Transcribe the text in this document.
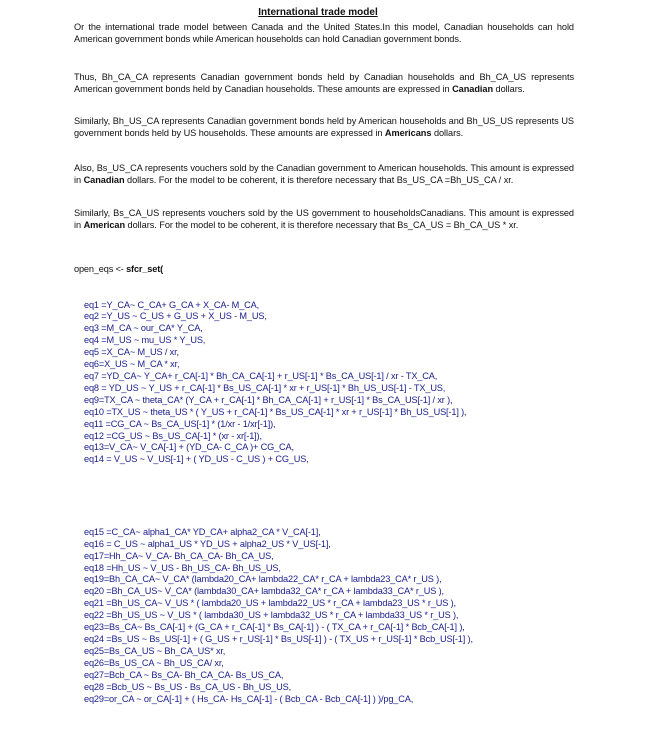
International trade model

Or the international trade model between Canada and the United States.In this model, Canadian households can hold American government bonds while American households can hold Canadian government bonds.

Thus, Bh_CA_CA represents Canadian government bonds held by Canadian households and Bh_CA_US represents American government bonds held by Canadian households. These amounts are expressed in Canadian dollars.

Similarly, Bh_US_CA represents Canadian government bonds held by American households and Bh_US_US represents US government bonds held by US households. These amounts are expressed in Americans dollars.

Also, Bs_US_CA represents vouchers sold by the Canadian government to American households. This amount is expressed in Canadian dollars. For the model to be coherent, it is therefore necessary that Bs_US_CA =Bh_US_CA / xr.

Similarly, Bs_CA_US represents vouchers sold by the US government to householdsCanadians. This amount is expressed in American dollars. For the model to be coherent, it is therefore necessary that Bs_CA_US = Bh_CA_US * xr.

open_eqs <- sfcr_set(

eq1 =Y_CA~ C_CA+ G_CA + X_CA- M_CA,
eq2 =Y_US ~ C_US + G_US + X_US - M_US,
eq3 =M_CA ~ our_CA* Y_CA,
eq4 =M_US ~ mu_US * Y_US,
eq5 =X_CA~ M_US / xr,
eq6=X_US ~ M_CA * xr,
eq7 =YD_CA~ Y_CA+ r_CA[-1] * Bh_CA_CA[-1] + r_US[-1] * Bs_CA_US[-1] / xr - TX_CA,
eq8 = YD_US ~ Y_US + r_CA[-1] * Bs_US_CA[-1] * xr + r_US[-1] * Bh_US_US[-1] - TX_US,
eq9=TX_CA ~ theta_CA* (Y_CA + r_CA[-1] * Bh_CA_CA[-1] + r_US[-1] * Bs_CA_US[-1] / xr ),
eq10 =TX_US ~ theta_US * ( Y_US + r_CA[-1] * Bs_US_CA[-1] * xr + r_US[-1] * Bh_US_US[-1] ),
eq11 =CG_CA ~ Bs_CA_US[-1] * (1/xr - 1/xr[-1]),
eq12 =CG_US ~ Bs_US_CA[-1] * (xr - xr[-1]),
eq13=V_CA~ V_CA[-1] + (YD_CA- C_CA )+ CG_CA,
eq14 = V_US ~ V_US[-1] + ( YD_US - C_US ) + CG_US,

eq15 =C_CA~ alpha1_CA* YD_CA+ alpha2_CA * V_CA[-1],
eq16 = C_US ~ alpha1_US * YD_US + alpha2_US * V_US[-1],
eq17=Hh_CA~ V_CA- Bh_CA_CA- Bh_CA_US,
eq18 =Hh_US ~ V_US - Bh_US_CA- Bh_US_US,
eq19=Bh_CA_CA~ V_CA* (lambda20_CA+ lambda22_CA* r_CA + lambda23_CA* r_US ),
eq20 =Bh_CA_US~ V_CA* (lambda30_CA+ lambda32_CA* r_CA + lambda33_CA* r_US ),
eq21 =Bh_US_CA~ V_US * ( lambda20_US + lambda22_US * r_CA + lambda23_US * r_US ),
eq22 =Bh_US_US ~ V_US * ( lambda30_US + lambda32_US * r_CA + lambda33_US * r_US ),
eq23=Bs_CA~ Bs_CA[-1] + (G_CA + r_CA[-1] * Bs_CA[-1] ) - ( TX_CA + r_CA[-1] * Bcb_CA[-1] ),
eq24 =Bs_US ~ Bs_US[-1] + ( G_US + r_US[-1] * Bs_US[-1] ) - ( TX_US + r_US[-1] * Bcb_US[-1] ),
eq25=Bs_CA_US ~ Bh_CA_US* xr,
eq26=Bs_US_CA ~ Bh_US_CA/ xr,
eq27=Bcb_CA ~ Bs_CA- Bh_CA_CA- Bs_US_CA,
eq28 =Bcb_US ~ Bs_US - Bs_CA_US - Bh_US_US,
eq29=or_CA ~ or_CA[-1] + ( Hs_CA- Hs_CA[-1] - ( Bcb_CA - Bcb_CA[-1] ) )/pg_CA,
